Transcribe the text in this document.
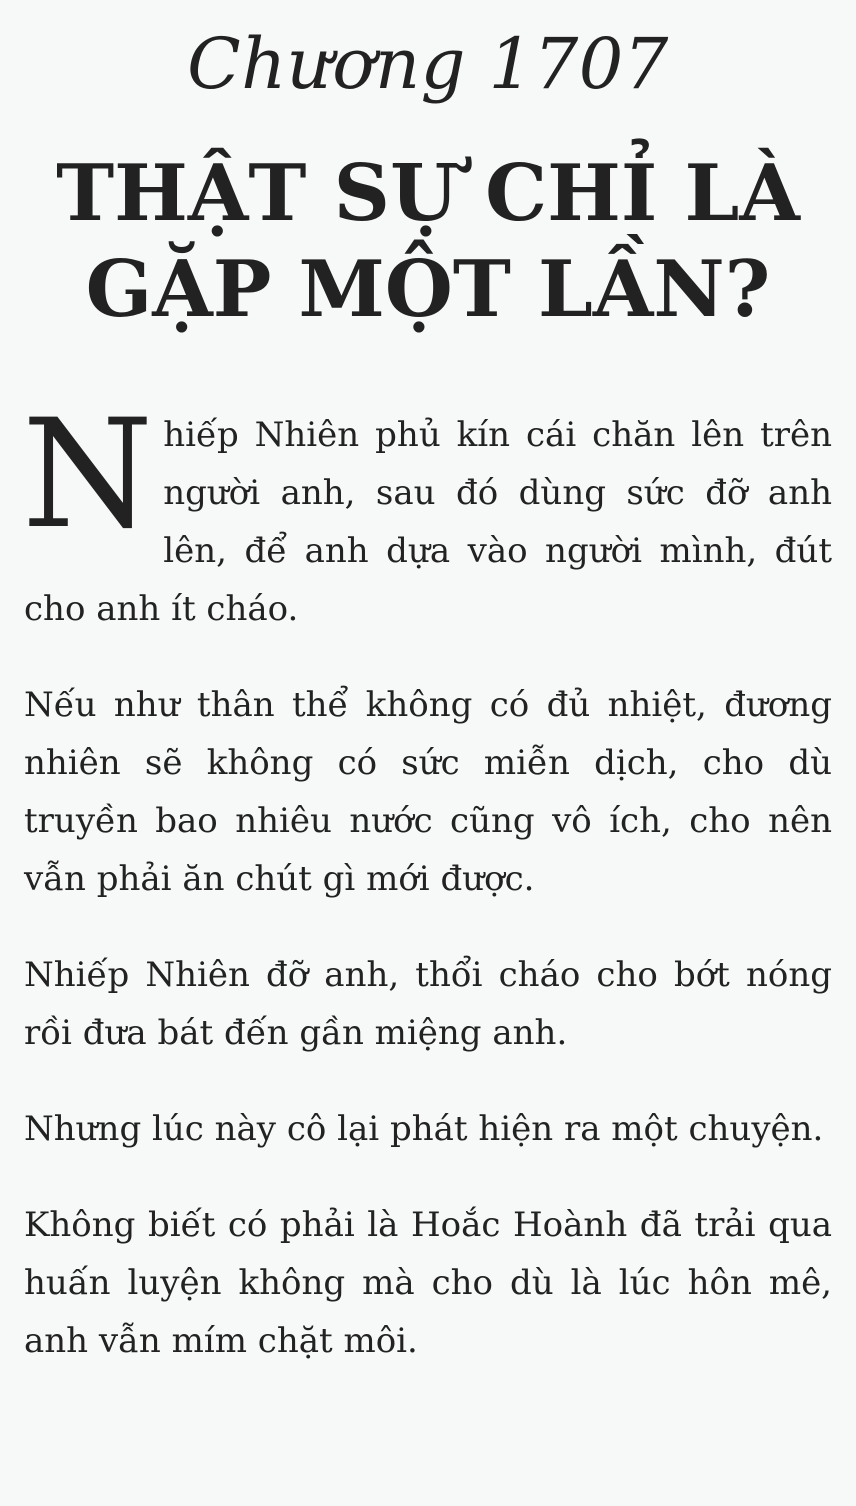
Chương 1707
THẬT SỰ CHỈ LÀ GẶP MỘT LẦN?

Nhiếp Nhiên phủ kín cái chăn lên trên người anh, sau đó dùng sức đỡ anh lên, để anh dựa vào người mình, đút cho anh ít cháo.

Nếu như thân thể không có đủ nhiệt, đương nhiên sẽ không có sức miễn dịch, cho dù truyền bao nhiêu nước cũng vô ích, cho nên vẫn phải ăn chút gì mới được.

Nhiếp Nhiên đỡ anh, thổi cháo cho bớt nóng rồi đưa bát đến gần miệng anh.

Nhưng lúc này cô lại phát hiện ra một chuyện.

Không biết có phải là Hoắc Hoành đã trải qua huấn luyện không mà cho dù là lúc hôn mê, anh vẫn mím chặt môi.
